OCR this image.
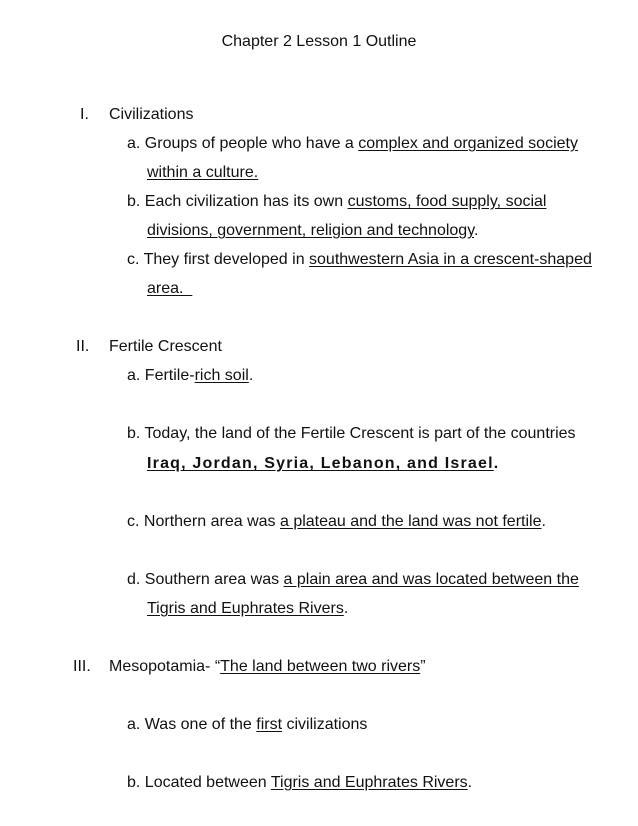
Chapter 2 Lesson 1 Outline
I. Civilizations
a. Groups of people who have a complex and organized society
within a culture.
b. Each civilization has its own customs, food supply, social
divisions, government, religion and technology.
c. They first developed in southwestern Asia in a crescent-shaped
area.
II. Fertile Crescent
a. Fertile-rich soil.
b. Today, the land of the Fertile Crescent is part of the countries
Iraq, Jordan, Syria, Lebanon, and Israel.
c. Northern area was a plateau and the land was not fertile.
d. Southern area was a plain area and was located between the
Tigris and Euphrates Rivers.
III. Mesopotamia- “The land between two rivers”
a. Was one of the first civilizations
b. Located between Tigris and Euphrates Rivers.
